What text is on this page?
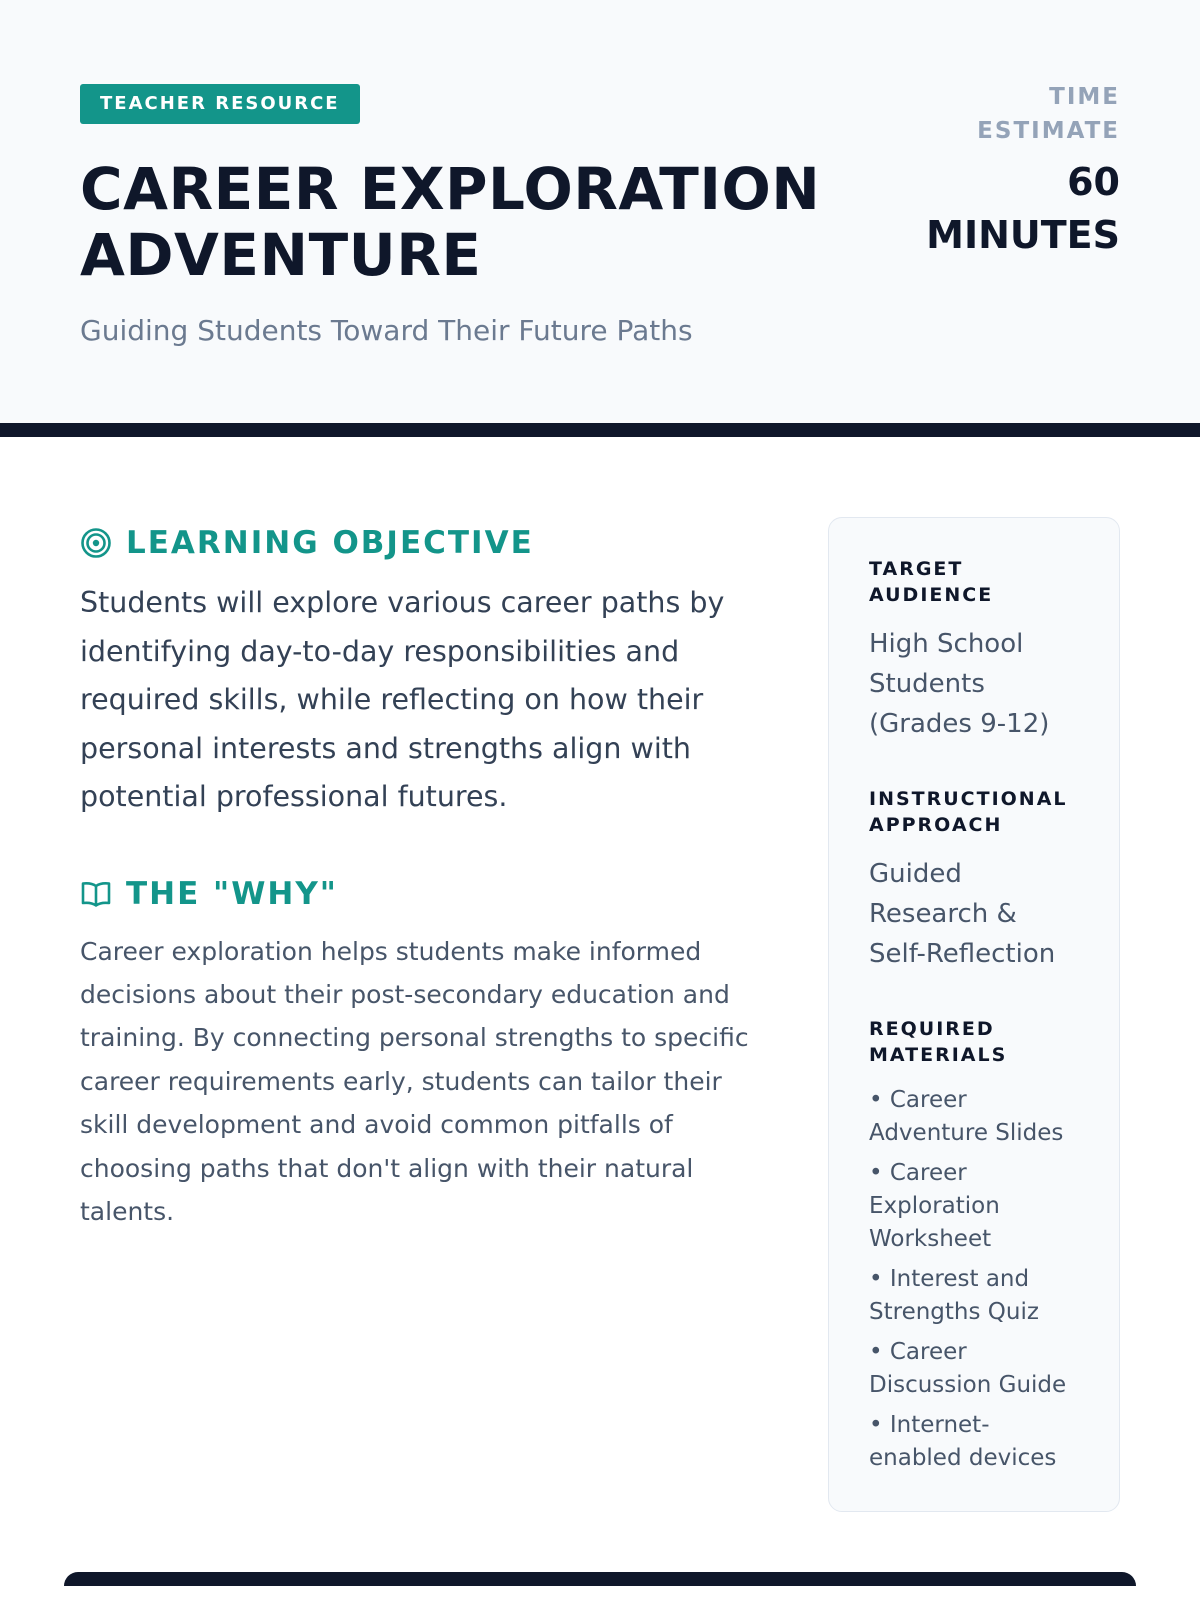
TEACHER RESOURCE
CAREER EXPLORATION ADVENTURE
Guiding Students Toward Their Future Paths
TIME ESTIMATE
60 MINUTES
LEARNING OBJECTIVE

Students will explore various career paths by identifying day-to-day responsibilities and required skills, while reflecting on how their personal interests and strengths align with potential professional futures.

THE "WHY"

Career exploration helps students make informed decisions about their post-secondary education and training. By connecting personal strengths to specific career requirements early, students can tailor their skill development and avoid common pitfalls of choosing paths that don't align with their natural talents.

TARGET AUDIENCE
High School Students (Grades 9-12)
INSTRUCTIONAL APPROACH
Guided Research & Self-Reflection
REQUIRED MATERIALS
• Career Adventure Slides
• Career Exploration Worksheet
• Interest and Strengths Quiz
• Career Discussion Guide
• Internet-enabled devices
